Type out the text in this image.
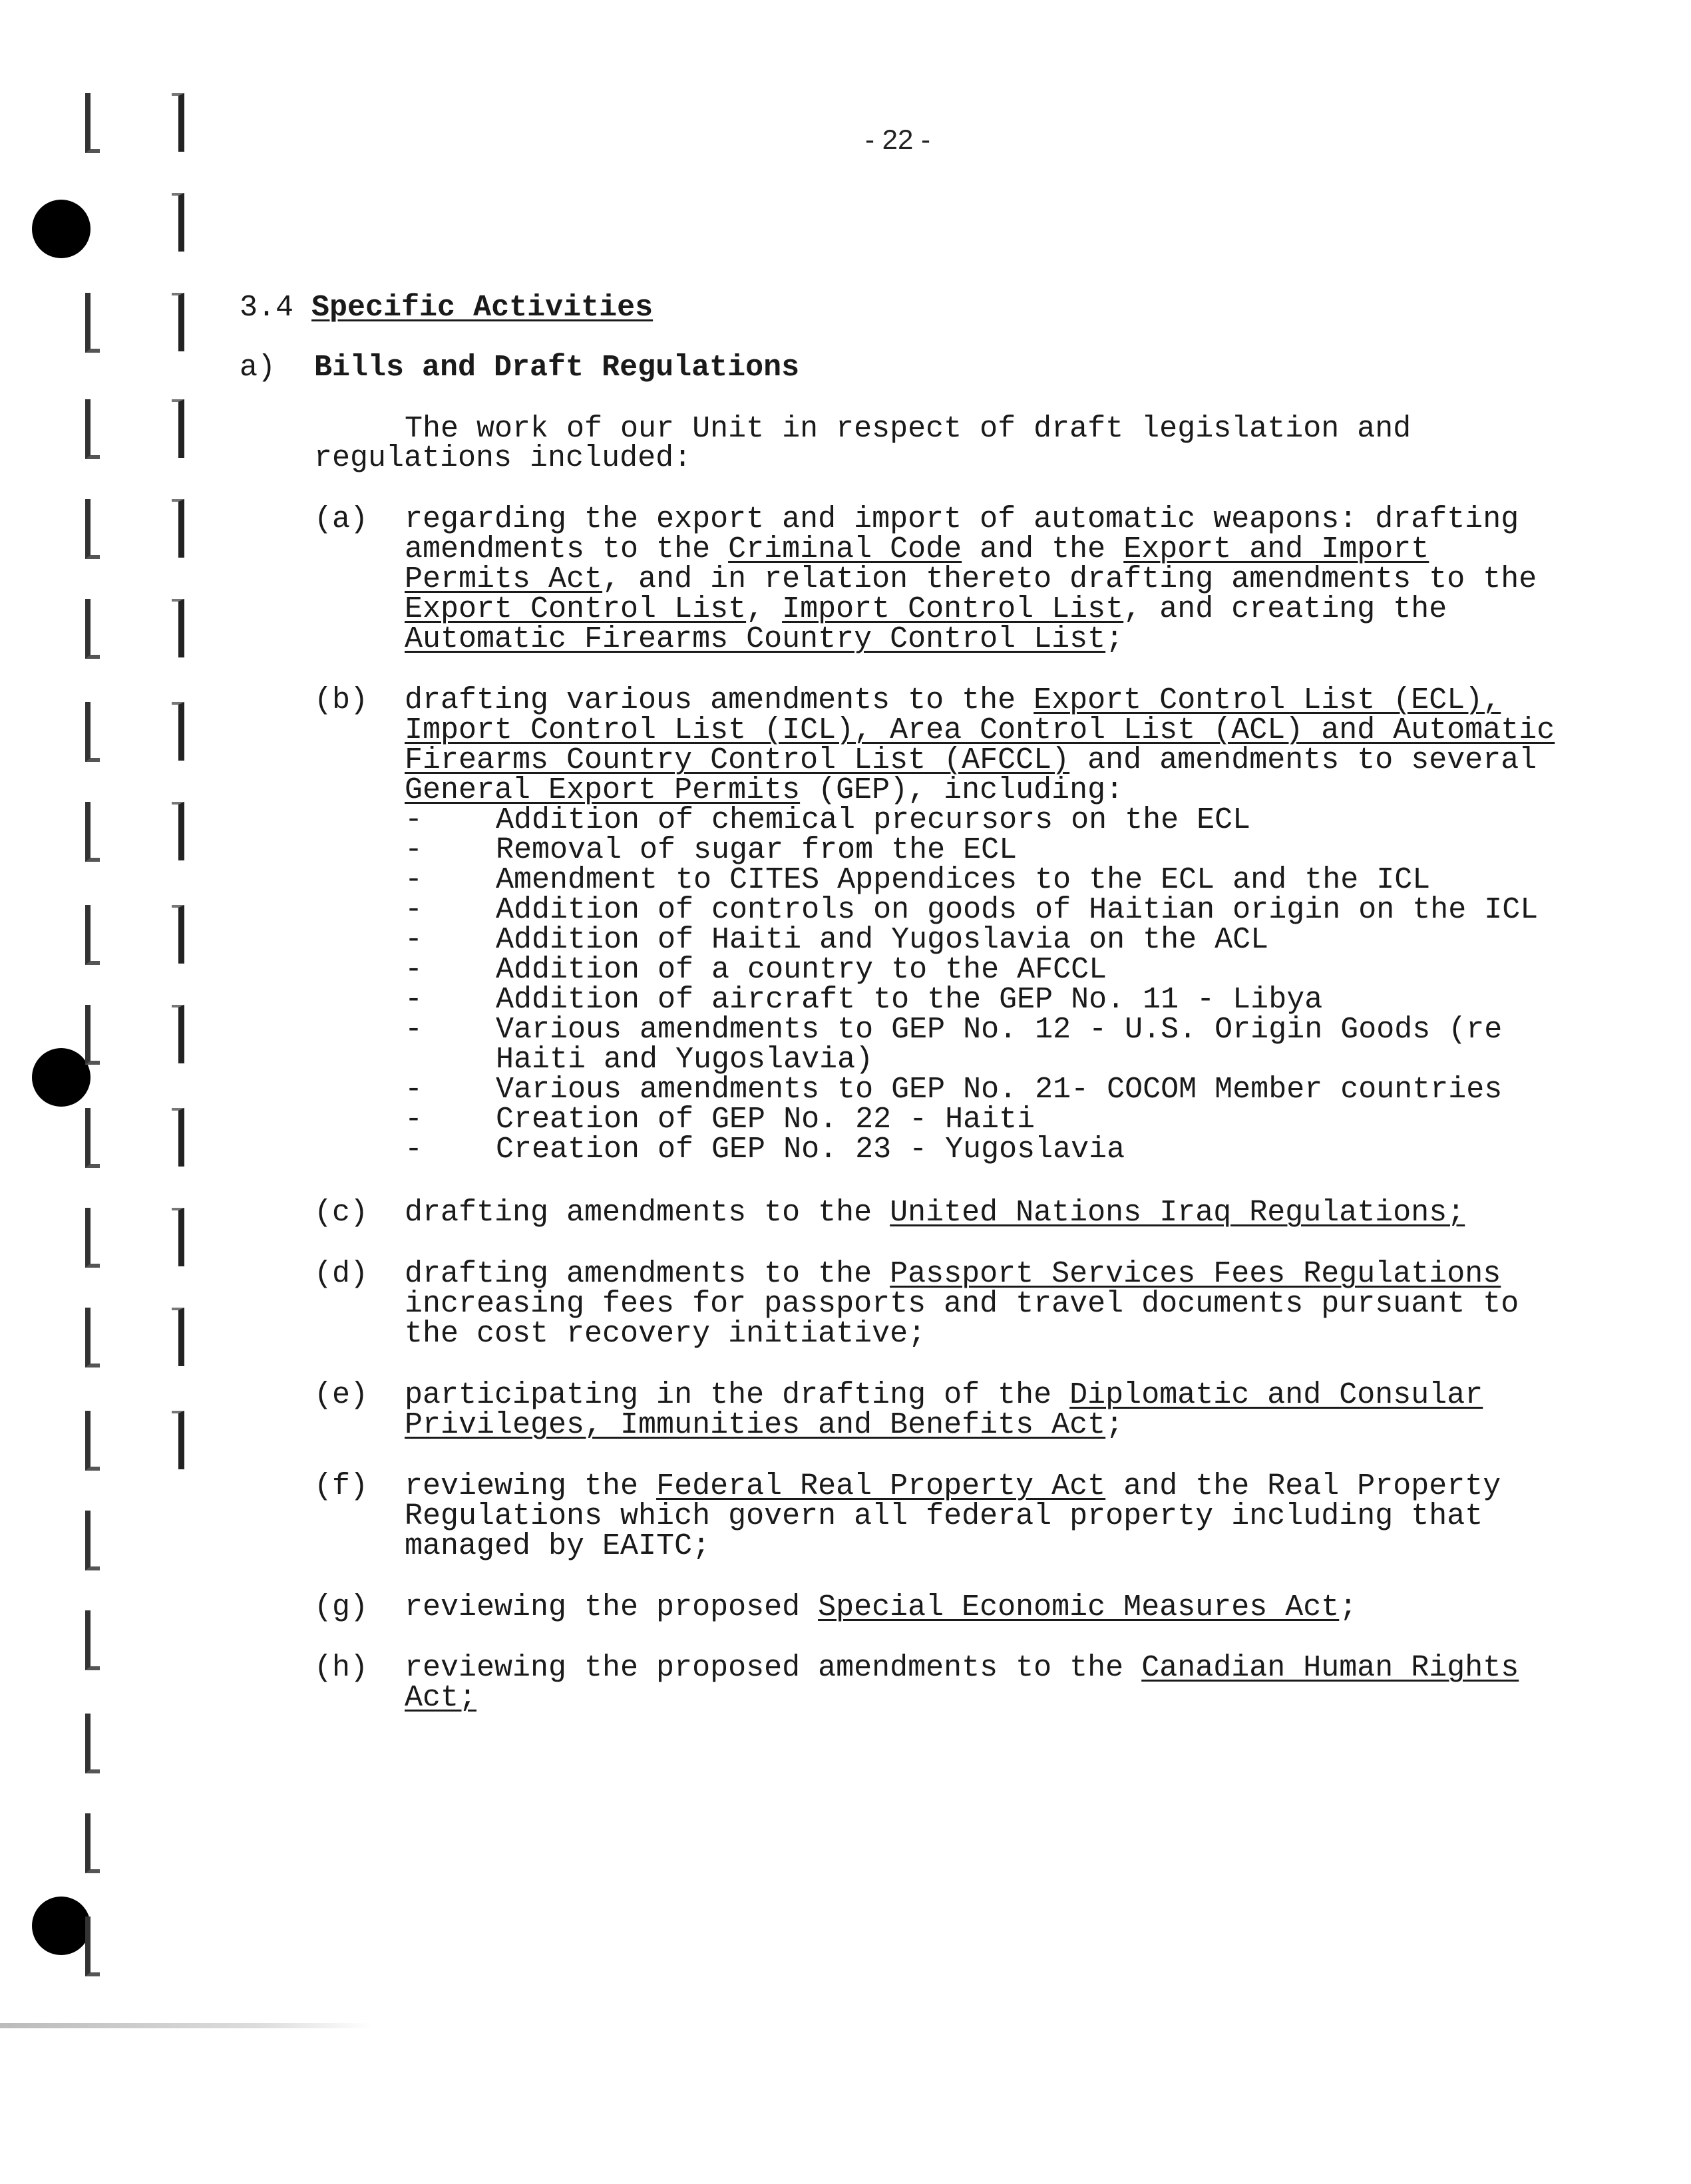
- 22 -
3.4 Specific Activities
a) Bills and Draft Regulations
The work of our Unit in respect of draft legislation and
regulations included:
(a) regarding the export and import of automatic weapons: drafting
amendments to the Criminal Code and the Export and Import
Permits Act, and in relation thereto drafting amendments to the
Export Control List, Import Control List, and creating the
Automatic Firearms Country Control List;
(b) drafting various amendments to the Export Control List (ECL),
Import Control List (ICL), Area Control List (ACL) and Automatic
Firearms Country Control List (AFCCL) and amendments to several
General Export Permits (GEP), including:
- Addition of chemical precursors on the ECL
- Removal of sugar from the ECL
- Amendment to CITES Appendices to the ECL and the ICL
- Addition of controls on goods of Haitian origin on the ICL
- Addition of Haiti and Yugoslavia on the ACL
- Addition of a country to the AFCCL
- Addition of aircraft to the GEP No. 11 - Libya
- Various amendments to GEP No. 12 - U.S. Origin Goods (re
Haiti and Yugoslavia)
- Various amendments to GEP No. 21- COCOM Member countries
- Creation of GEP No. 22 - Haiti
- Creation of GEP No. 23 - Yugoslavia
(c) drafting amendments to the United Nations Iraq Regulations;
(d) drafting amendments to the Passport Services Fees Regulations
increasing fees for passports and travel documents pursuant to
the cost recovery initiative;
(e) participating in the drafting of the Diplomatic and Consular
Privileges, Immunities and Benefits Act;
(f) reviewing the Federal Real Property Act and the Real Property
Regulations which govern all federal property including that
managed by EAITC;
(g) reviewing the proposed Special Economic Measures Act;
(h) reviewing the proposed amendments to the Canadian Human Rights
Act;
